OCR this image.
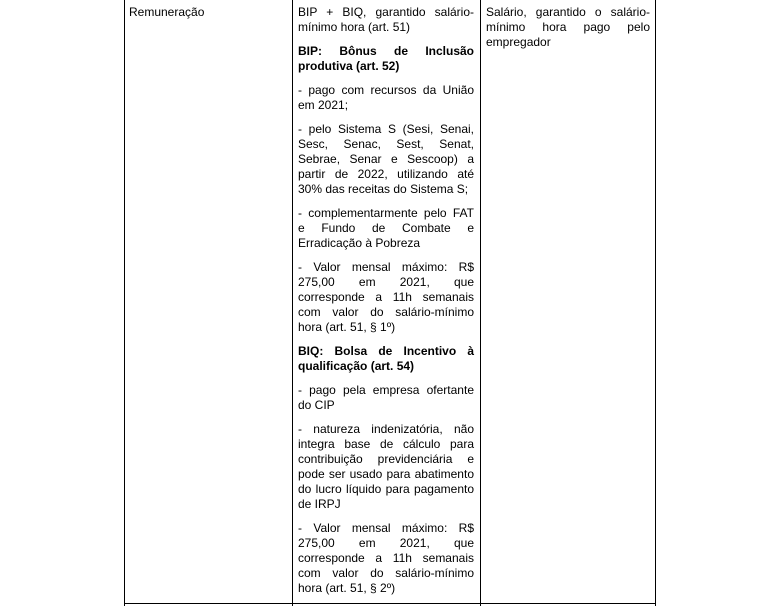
Remuneração	BIP + BIQ, garantido salário-mínimo hora (art. 51)

BIP: Bônus de Inclusão produtiva (art. 52)

- pago com recursos da União em 2021;

- pelo Sistema S (Sesi, Senai, Sesc, Senac, Sest, Senat, Sebrae, Senar e Sescoop) a partir de 2022, utilizando até 30% das receitas do Sistema S;

- complementarmente pelo FAT e Fundo de Combate e Erradicação à Pobreza

- Valor mensal máximo: R$ 275,00 em 2021, que corresponde a 11h semanais com valor do salário-mínimo hora (art. 51, § 1º)

BIQ: Bolsa de Incentivo à qualificação (art. 54)

- pago pela empresa ofertante do CIP

- natureza indenizatória, não integra base de cálculo para contribuição previdenciária e pode ser usado para abatimento do lucro líquido para pagamento de IRPJ

- Valor mensal máximo: R$ 275,00 em 2021, que corresponde a 11h semanais com valor do salário-mínimo hora (art. 51, § 2º)

Salário, garantido o salário-mínimo hora pago pelo empregador
